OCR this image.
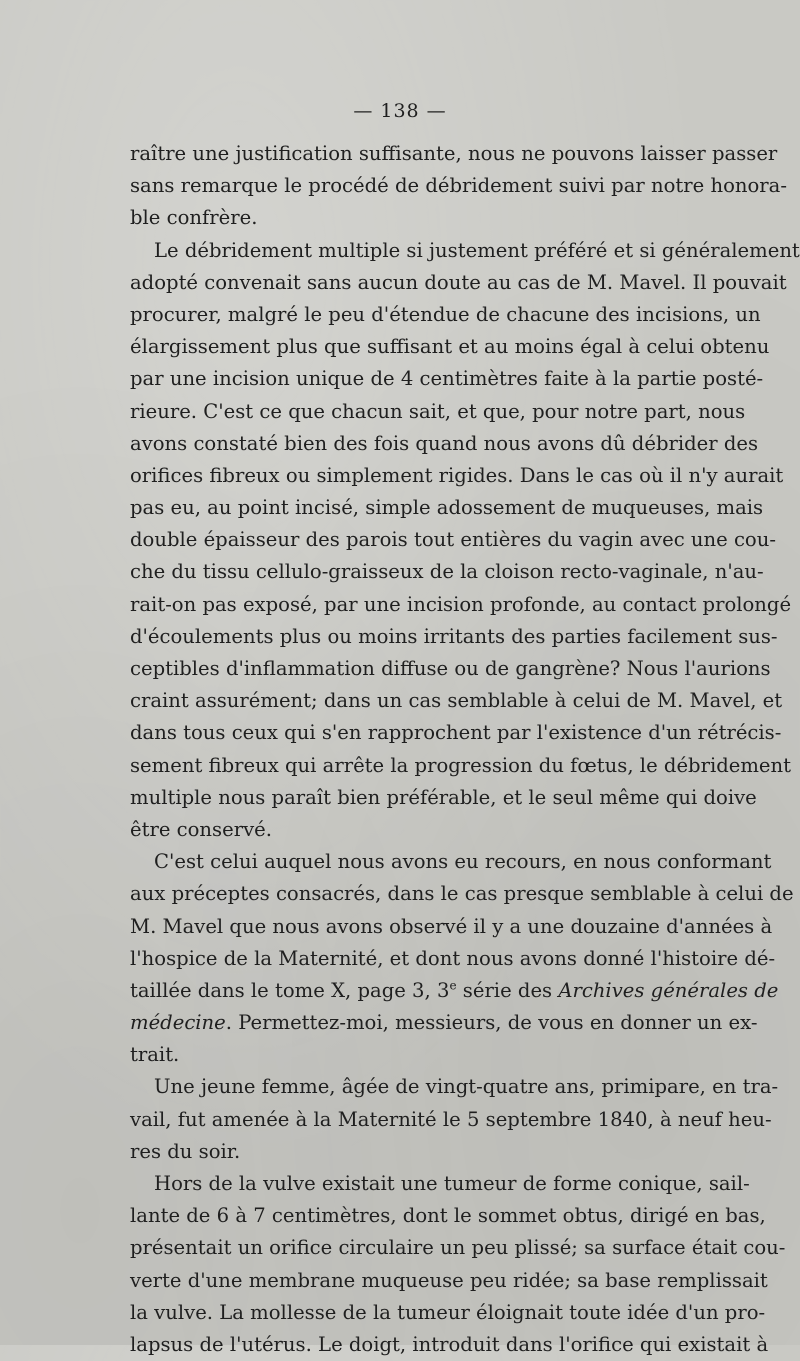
— 138 —
raître une justification suffisante, nous ne pouvons laisser passer
sans remarque le procédé de débridement suivi par notre honora-
ble confrère.
Le débridement multiple si justement préféré et si généralement
adopté convenait sans aucun doute au cas de M. Mavel. Il pouvait
procurer, malgré le peu d'étendue de chacune des incisions, un
élargissement plus que suffisant et au moins égal à celui obtenu
par une incision unique de 4 centimètres faite à la partie posté-
rieure. C'est ce que chacun sait, et que, pour notre part, nous
avons constaté bien des fois quand nous avons dû débrider des
orifices fibreux ou simplement rigides. Dans le cas où il n'y aurait
pas eu, au point incisé, simple adossement de muqueuses, mais
double épaisseur des parois tout entières du vagin avec une cou-
che du tissu cellulo-graisseux de la cloison recto-vaginale, n'au-
rait-on pas exposé, par une incision profonde, au contact prolongé
d'écoulements plus ou moins irritants des parties facilement sus-
ceptibles d'inflammation diffuse ou de gangrène? Nous l'aurions
craint assurément; dans un cas semblable à celui de M. Mavel, et
dans tous ceux qui s'en rapprochent par l'existence d'un rétrécis-
sement fibreux qui arrête la progression du fœtus, le débridement
multiple nous paraît bien préférable, et le seul même qui doive
être conservé.
C'est celui auquel nous avons eu recours, en nous conformant
aux préceptes consacrés, dans le cas presque semblable à celui de
M. Mavel que nous avons observé il y a une douzaine d'années à
l'hospice de la Maternité, et dont nous avons donné l'histoire dé-
taillée dans le tome X, page 3, 3e série des Archives générales de
médecine. Permettez-moi, messieurs, de vous en donner un ex-
trait.
Une jeune femme, âgée de vingt-quatre ans, primipare, en tra-
vail, fut amenée à la Maternité le 5 septembre 1840, à neuf heu-
res du soir.
Hors de la vulve existait une tumeur de forme conique, sail-
lante de 6 à 7 centimètres, dont le sommet obtus, dirigé en bas,
présentait un orifice circulaire un peu plissé; sa surface était cou-
verte d'une membrane muqueuse peu ridée; sa base remplissait
la vulve. La mollesse de la tumeur éloignait toute idée d'un pro-
lapsus de l'utérus. Le doigt, introduit dans l'orifice qui existait à
